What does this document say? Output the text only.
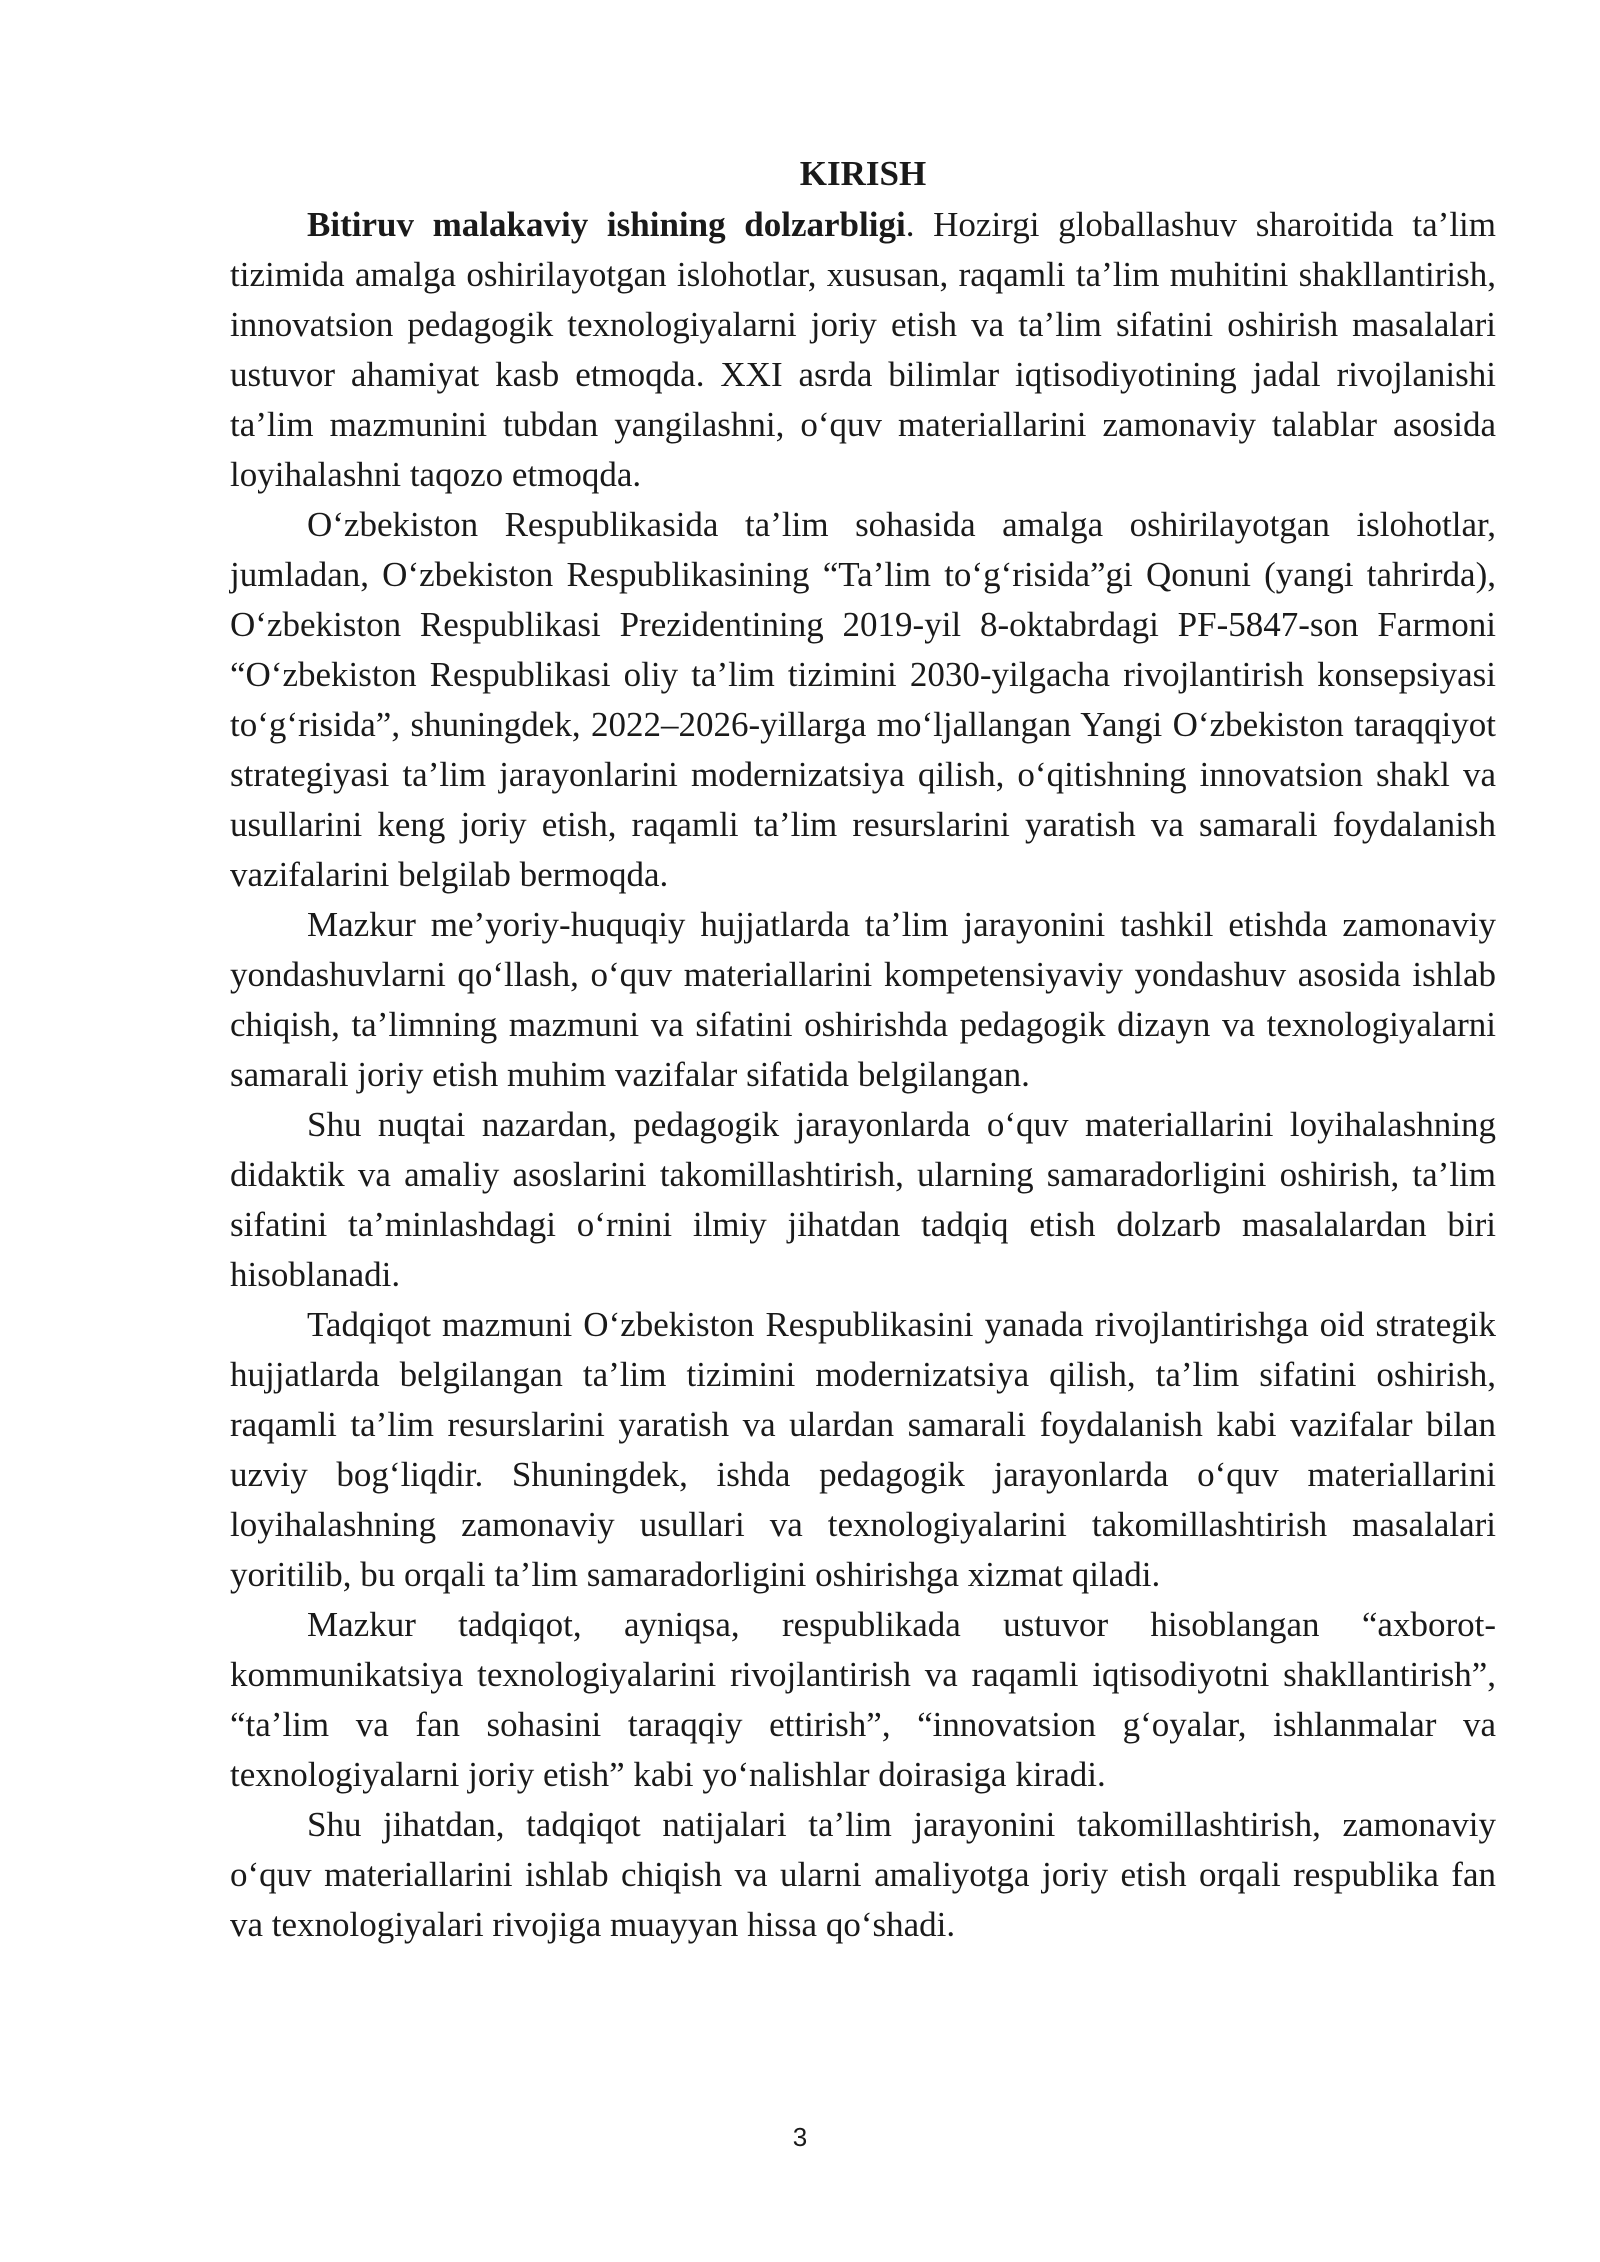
KIRISH

Bitiruv malakaviy ishining dolzarbligi. Hozirgi globallashuv sharoitida ta’lim tizimida amalga oshirilayotgan islohotlar, xususan, raqamli ta’lim muhitini shakllantirish, innovatsion pedagogik texnologiyalarni joriy etish va ta’lim sifatini oshirish masalalari ustuvor ahamiyat kasb etmoqda. XXI asrda bilimlar iqtisodiyotining jadal rivojlanishi ta’lim mazmunini tubdan yangilashni, o‘quv materiallarini zamonaviy talablar asosida loyihalashni taqozo etmoqda.

O‘zbekiston Respublikasida ta’lim sohasida amalga oshirilayotgan islohotlar, jumladan, O‘zbekiston Respublikasining “Ta’lim to‘g‘risida”gi Qonuni (yangi tahrirda), O‘zbekiston Respublikasi Prezidentining 2019-yil 8-oktabrdagi PF-5847-son Farmoni “O‘zbekiston Respublikasi oliy ta’lim tizimini 2030-yilgacha rivojlantirish konsepsiyasi to‘g‘risida”, shuningdek, 2022–2026-yillarga mo‘ljallangan Yangi O‘zbekiston taraqqiyot strategiyasi ta’lim jarayonlarini modernizatsiya qilish, o‘qitishning innovatsion shakl va usullarini keng joriy etish, raqamli ta’lim resurslarini yaratish va samarali foydalanish vazifalarini belgilab bermoqda.

Mazkur me’yoriy-huquqiy hujjatlarda ta’lim jarayonini tashkil etishda zamonaviy yondashuvlarni qo‘llash, o‘quv materiallarini kompetensiyaviy yondashuv asosida ishlab chiqish, ta’limning mazmuni va sifatini oshirishda pedagogik dizayn va texnologiyalarni samarali joriy etish muhim vazifalar sifatida belgilangan.

Shu nuqtai nazardan, pedagogik jarayonlarda o‘quv materiallarini loyihalashning didaktik va amaliy asoslarini takomillashtirish, ularning samaradorligini oshirish, ta’lim sifatini ta’minlashdagi o‘rnini ilmiy jihatdan tadqiq etish dolzarb masalalardan biri hisoblanadi.

Tadqiqot mazmuni O‘zbekiston Respublikasini yanada rivojlantirishga oid strategik hujjatlarda belgilangan ta’lim tizimini modernizatsiya qilish, ta’lim sifatini oshirish, raqamli ta’lim resurslarini yaratish va ulardan samarali foydalanish kabi vazifalar bilan uzviy bog‘liqdir. Shuningdek, ishda pedagogik jarayonlarda o‘quv materiallarini loyihalashning zamonaviy usullari va texnologiyalarini takomillashtirish masalalari yoritilib, bu orqali ta’lim samaradorligini oshirishga xizmat qiladi.

Mazkur tadqiqot, ayniqsa, respublikada ustuvor hisoblangan “axborot-kommunikatsiya texnologiyalarini rivojlantirish va raqamli iqtisodiyotni shakllantirish”, “ta’lim va fan sohasini taraqqiy ettirish”, “innovatsion g‘oyalar, ishlanmalar va texnologiyalarni joriy etish” kabi yo‘nalishlar doirasiga kiradi.

Shu jihatdan, tadqiqot natijalari ta’lim jarayonini takomillashtirish, zamonaviy o‘quv materiallarini ishlab chiqish va ularni amaliyotga joriy etish orqali respublika fan va texnologiyalari rivojiga muayyan hissa qo‘shadi.

3
